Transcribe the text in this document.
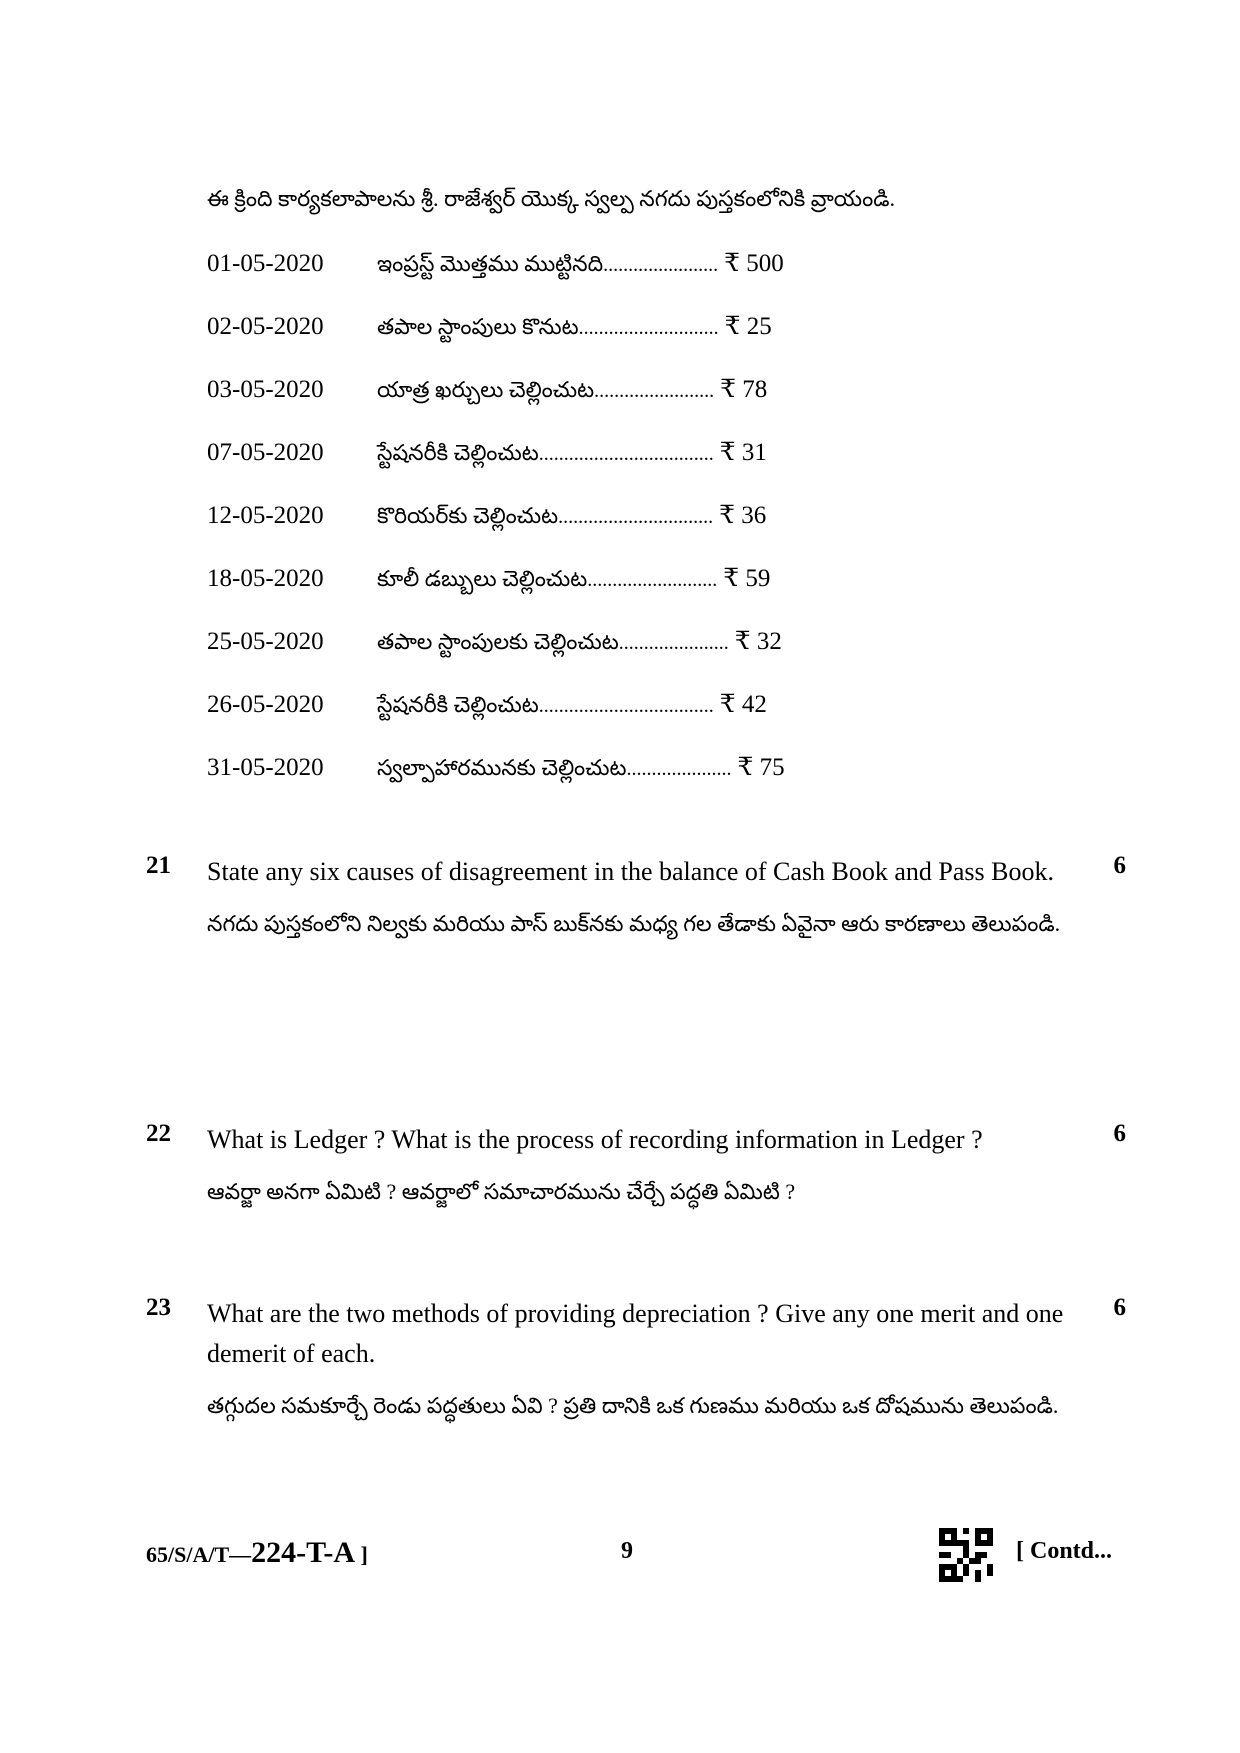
ఈ క్రింది కార్యకలాపాలను శ్రీ. రాజేశ్వర్ యొక్క స్వల్ప నగదు పుస్తకంలోనికి వ్రాయండి.
01-05-2020	ఇంప్రస్ట్ మొత్తము ముట్టినది ....................... ₹ 500
02-05-2020	తపాల స్టాంపులు కొనుట ............................ ₹ 25
03-05-2020	యాత్ర ఖర్చులు చెల్లించుట ........................ ₹ 78
07-05-2020	స్టేషనరీకి చెల్లించుట ................................... ₹ 31
12-05-2020	కొరియర్‌కు చెల్లించుట ............................... ₹ 36
18-05-2020	కూలీ డబ్బులు చెల్లించుట .......................... ₹ 59
25-05-2020	తపాల స్టాంపులకు చెల్లించుట ...................... ₹ 32
26-05-2020	స్టేషనరీకి చెల్లించుట ................................... ₹ 42
31-05-2020	స్వల్పాహారమునకు చెల్లించుట ..................... ₹ 75
21	6
State any six causes of disagreement in the balance of Cash Book and Pass Book.
నగదు పుస్తకంలోని నిల్వకు మరియు పాస్ బుక్‌నకు మధ్య గల తేడాకు ఏవైనా ఆరు కారణాలు తెలుపండి.
22	6
What is Ledger ? What is the process of recording information in Ledger ?
ఆవర్జా అనగా ఏమిటి ? ఆవర్జాలో సమాచారమును చేర్చే పద్ధతి ఏమిటి ?
23	6
What are the two methods of providing depreciation ? Give any one merit and one demerit of each.
తగ్గుదల సమకూర్చే రెండు పద్ధతులు ఏవి ? ప్రతి దానికి ఒక గుణము మరియు ఒక దోషమును తెలుపండి.
65/S/A/T—224-T-A ]	9	[ Contd...
